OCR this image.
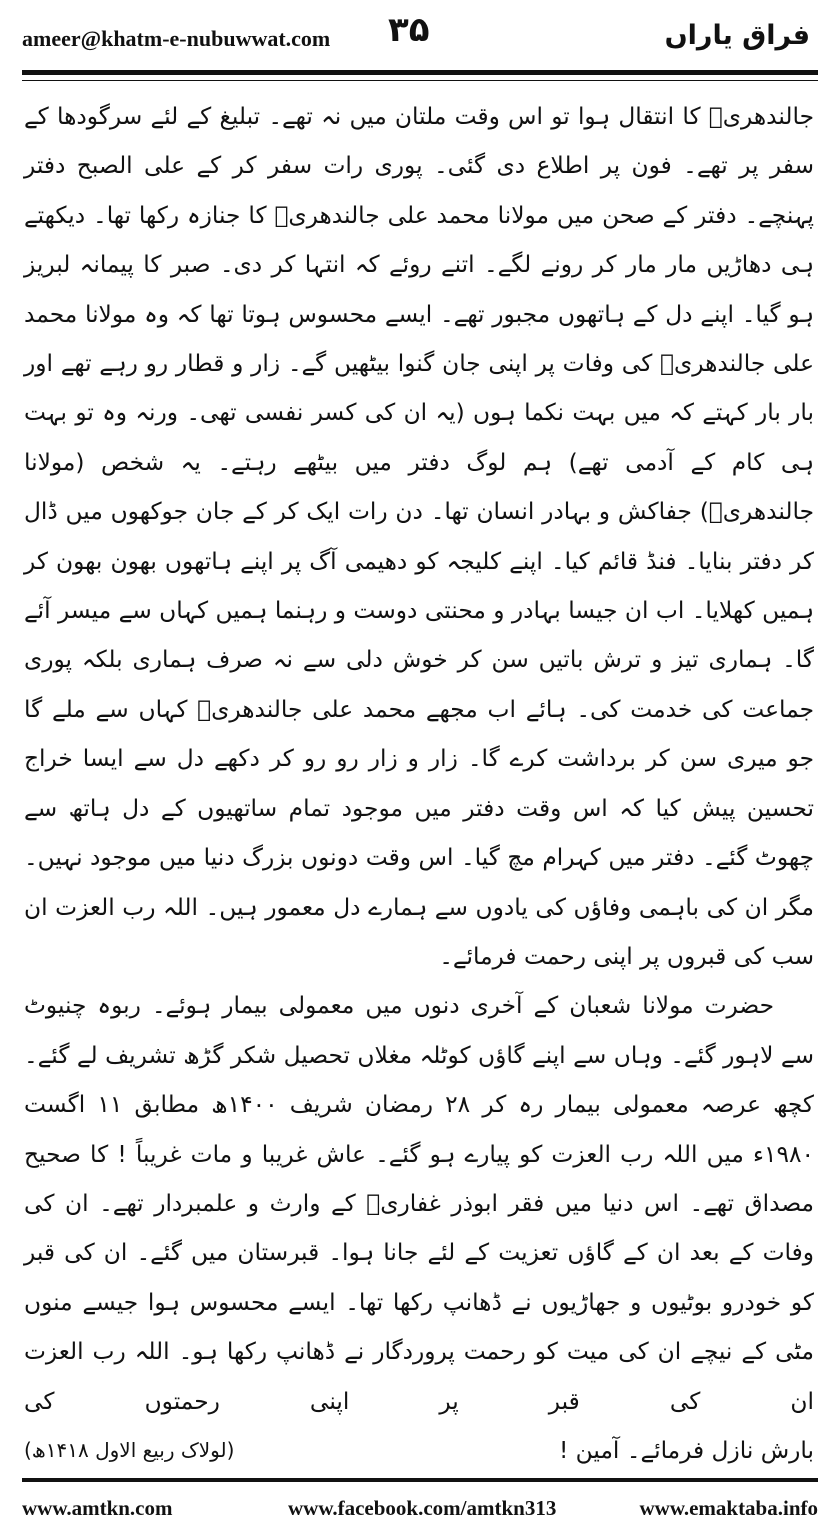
ameer@khatm-e-nubuwwat.com ۳۵	فراق یاراں

جالندھریؒ کا انتقال ہوا تو اس وقت ملتان میں نہ تھے۔ تبلیغ کے لئے سرگودھا کے سفر پر تھے۔ فون پر اطلاع دی گئی۔ پوری رات سفر کر کے علی الصبح دفتر پہنچے۔ دفتر کے صحن میں مولانا محمد علی جالندھریؒ کا جنازہ رکھا تھا۔ دیکھتے ہی دھاڑیں مار مار کر رونے لگے۔ اتنے روئے کہ انتہا کر دی۔ صبر کا پیمانہ لبریز ہو گیا۔ اپنے دل کے ہاتھوں مجبور تھے۔ ایسے محسوس ہوتا تھا کہ وہ مولانا محمد علی جالندھریؒ کی وفات پر اپنی جان گنوا بیٹھیں گے۔ زار و قطار رو رہے تھے اور بار بار کہتے کہ میں بہت نکما ہوں (یہ ان کی کسر نفسی تھی۔ ورنہ وہ تو بہت ہی کام کے آدمی تھے) ہم لوگ دفتر میں بیٹھے رہتے۔ یہ شخص (مولانا جالندھریؒ) جفاکش و بہادر انسان تھا۔ دن رات ایک کر کے جان جوکھوں میں ڈال کر دفتر بنایا۔ فنڈ قائم کیا۔ اپنے کلیجہ کو دھیمی آگ پر اپنے ہاتھوں بھون بھون کر ہمیں کھلایا۔ اب ان جیسا بہادر و محنتی دوست و رہنما ہمیں کہاں سے میسر آئے گا۔ ہماری تیز و ترش باتیں سن کر خوش دلی سے نہ صرف ہماری بلکہ پوری جماعت کی خدمت کی۔ ہائے اب مجھے محمد علی جالندھریؒ کہاں سے ملے گا جو میری سن کر برداشت کرے گا۔ زار و زار رو رو کر دکھے دل سے ایسا خراج تحسین پیش کیا کہ اس وقت دفتر میں موجود تمام ساتھیوں کے دل ہاتھ سے چھوٹ گئے۔ دفتر میں کہرام مچ گیا۔ اس وقت دونوں بزرگ دنیا میں موجود نہیں۔ مگر ان کی باہمی وفاؤں کی یادوں سے ہمارے دل معمور ہیں۔ اللہ رب العزت ان سب کی قبروں پر اپنی رحمت فرمائے۔

حضرت مولانا شعبان کے آخری دنوں میں معمولی بیمار ہوئے۔ ربوہ چنیوٹ سے لاہور گئے۔ وہاں سے اپنے گاؤں کوٹلہ مغلاں تحصیل شکر گڑھ تشریف لے گئے۔ کچھ عرصہ معمولی بیمار رہ کر ۲۸ رمضان شریف ۱۴۰۰ھ مطابق ۱۱ اگست ۱۹۸۰ء میں اللہ رب العزت کو پیارے ہو گئے۔ عاش غریبا و مات غریباً ! کا صحیح مصداق تھے۔ اس دنیا میں فقر ابوذر غفاریؓ کے وارث و علمبردار تھے۔ ان کی وفات کے بعد ان کے گاؤں تعزیت کے لئے جانا ہوا۔ قبرستان میں گئے۔ ان کی قبر کو خودرو بوٹیوں و جھاڑیوں نے ڈھانپ رکھا تھا۔ ایسے محسوس ہوا جیسے منوں مٹی کے نیچے ان کی میت کو رحمت پروردگار نے ڈھانپ رکھا ہو۔ اللہ رب العزت ان کی قبر پر اپنی رحمتوں کی

بارش نازل فرمائے۔ آمین !
(لولاک ربیع الاول ۱۴۱۸ھ)
www.amtkn.com	www.facebook.com/amtkn313	www.emaktaba.info
